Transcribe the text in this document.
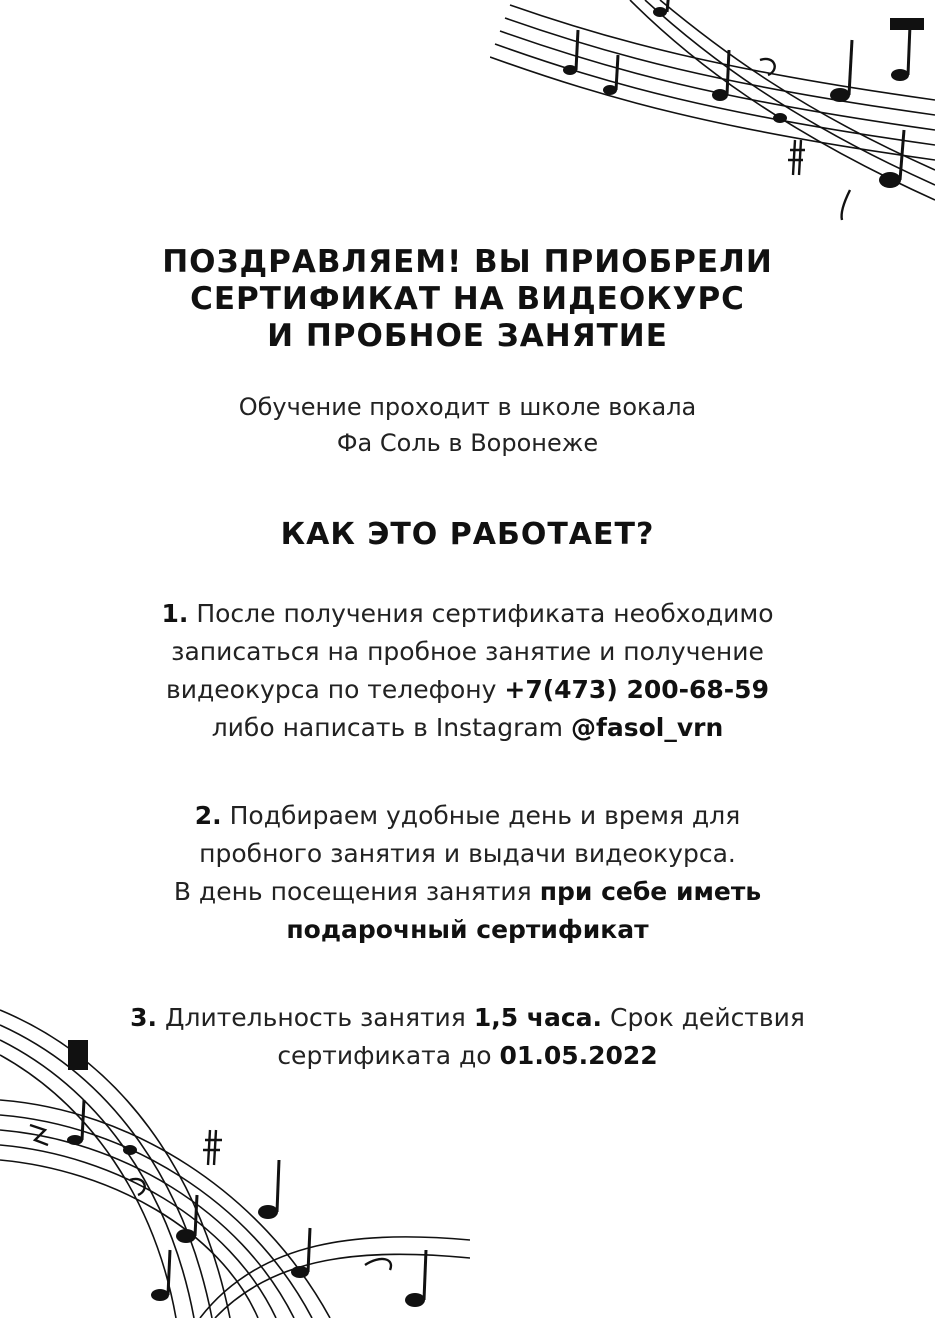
ПОЗДРАВЛЯЕМ! ВЫ ПРИОБРЕЛИ
СЕРТИФИКАТ НА ВИДЕОКУРС
И ПРОБНОЕ ЗАНЯТИЕ
Обучение проходит в школе вокала
Фа Соль в Воронеже
КАК ЭТО РАБОТАЕТ?
1. После получения сертификата необходимо
записаться на пробное занятие и получение
видеокурса по телефону +7(473) 200-68-59
либо написать в Instagram @fasol_vrn
2. Подбираем удобные день и время для
пробного занятия и выдачи видеокурса.
В день посещения занятия при себе иметь
подарочный сертификат
3. Длительность занятия 1,5 часа. Срок действия
сертификата до 01.05.2022
